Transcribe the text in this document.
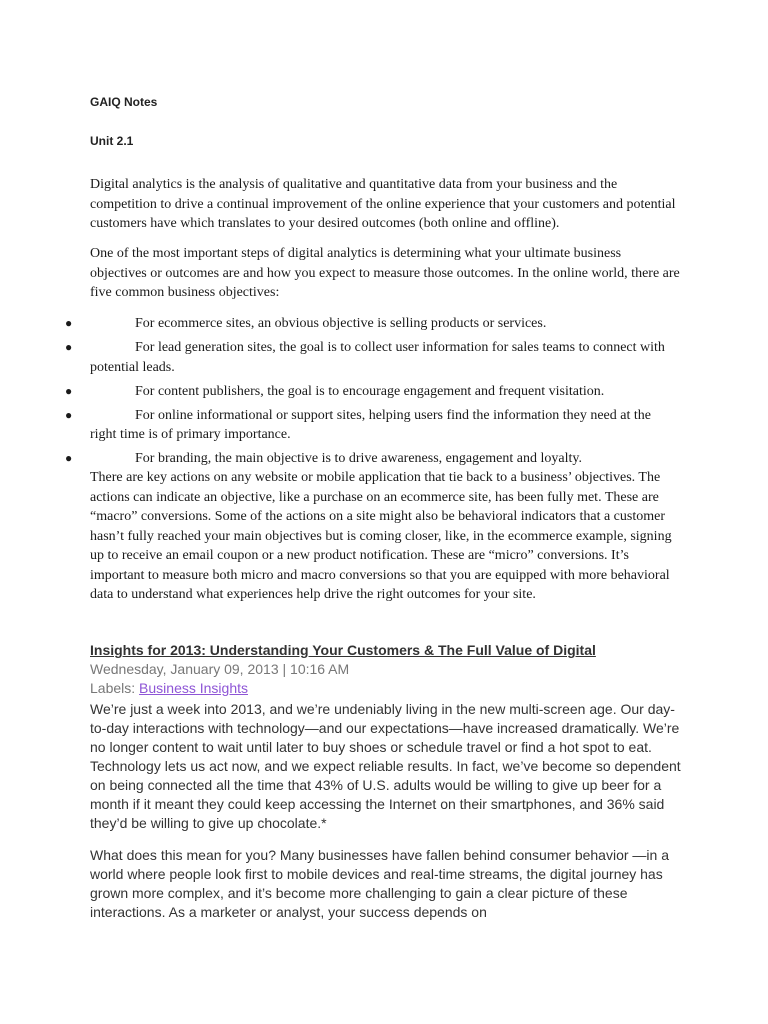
GAIQ Notes

Unit 2.1

Digital analytics is the analysis of qualitative and quantitative data from your business and the competition to drive a continual improvement of the online experience that your customers and potential customers have which translates to your desired outcomes (both online and offline).

One of the most important steps of digital analytics is determining what your ultimate business objectives or outcomes are and how you expect to measure those outcomes. In the online world, there are five common business objectives:

●	For ecommerce sites, an obvious objective is selling products or services.
●	For lead generation sites, the goal is to collect user information for sales teams to connect with potential leads.
●	For content publishers, the goal is to encourage engagement and frequent visitation.
●	For online informational or support sites, helping users find the information they need at the right time is of primary importance.
●	For branding, the main objective is to drive awareness, engagement and loyalty.

There are key actions on any website or mobile application that tie back to a business’ objectives. The actions can indicate an objective, like a purchase on an ecommerce site, has been fully met. These are “macro” conversions. Some of the actions on a site might also be behavioral indicators that a customer hasn’t fully reached your main objectives but is coming closer, like, in the ecommerce example, signing up to receive an email coupon or a new product notification. These are “micro” conversions. It’s important to measure both micro and macro conversions so that you are equipped with more behavioral data to understand what experiences help drive the right outcomes for your site.

Insights for 2013: Understanding Your Customers & The Full Value of Digital

Wednesday, January 09, 2013 | 10:16 AM

Labels: Business Insights

We’re just a week into 2013, and we’re undeniably living in the new multi-screen age. Our day-to-day interactions with technology—and our expectations—have increased dramatically. We’re no longer content to wait until later to buy shoes or schedule travel or find a hot spot to eat. Technology lets us act now, and we expect reliable results. In fact, we’ve become so dependent on being connected all the time that 43% of U.S. adults would be willing to give up beer for a month if it meant they could keep accessing the Internet on their smartphones, and 36% said they’d be willing to give up chocolate.*

What does this mean for you? Many businesses have fallen behind consumer behavior —in a world where people look first to mobile devices and real-time streams, the digital journey has grown more complex, and it’s become more challenging to gain a clear picture of these interactions. As a marketer or analyst, your success depends on
